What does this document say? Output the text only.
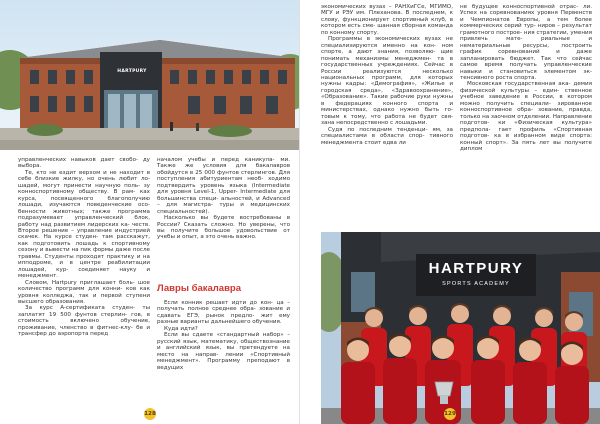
HARTPURY

управленческих навыков дает свобо- ду выбора.

Те, кто не ездит верхом и не находит в себе близкие жилку, но очень любит ло- шадей, могут принести научную поль- зу конноспортивному обществу. В рам- ках курса, посвященного благополучию лошади, изучаются поведенческие осо- бенности животных; также программа подразумевает управленческий блок, работу над развитием лидерских ка- честв. Второе решение – управление индустрией скачек. На курсе студен- там расскажут, как подготовить лошадь к спортивному сезону и вывести на пик формы даже после травмы. Студенты проходят практику и на ипподроме, и в центре реабилитации лошадей, кур- соединяет науку и менеджмент.

Словом, Hartpury приглашает боль- шое количество программ для конни- ков как уровня колледжа, так и первой ступени высшего образования.

За курс A-сертификата студен- ты заплатят 19 500 фунтов стерлин- гов, в стоимость включено обучение, проживание, членство в фитнес-клу- бе и трансфер до аэропорта перед

началом учебы и перед каникула- ми. Также же условия для бакалавров обойдутся в 25 000 фунтов стерлингов. Для поступления абитуриентам необ- ходимо подтвердить уровень языка (Intermediate для уровня Level-1, Upper- Intermediate для большинства специ- альностей, и Advanced – для магистра- туры и медицинских специальностей).

Насколько вы будете востребованы в России? Сказать сложно. Но уверены, что вы получите большое удовольствие от учебы и опыт, а это очень важно.

Лавры бакалавра

Если конник решает идти до кон- ца – получать полное среднее обра- зование и сдавать ЕГЭ, рынок предло- жит ему разные варианты дальнейшего обучения.

Куда идти?

Если вы сдаете «стандартный набор» – русский язык, математику, обществознание и английский язык, вы претендуете на место на направ- лении «Спортивный менеджмент». Программу преподают в ведущих

128

экономических вузах – РАНХиГСе, МГИМО, МГУ и РЭУ им. Плеханова. В последнем, к слову, функционирует спортивный клуб, в котором есть сме- шанная сборная команда по конному спорту.

Программы в экономических вузах не специализируются именно на кон- ном спорте, а дают знания, позволяю- щие понимать механизмы менеджмен- та в государственных учреждениях. Сейчас в России реализуются несколько национальных программ, для которых нужны кадры: «Демография», «Жилье и городская среда», «Здравоохранение», «Образование». Такие рабочие руки нужны в федерациях конного спорта и министерствах, однако нужно быть го- товым к тому, что работа не будет свя- зана непосредственно с лошадьми.

Судя по последним тенденци- ям, за специалистами в области спор- тивного менеджмента стоит едва ли

не будущее конноспортивной отрас- ли. Успех на соревнованиях уровня Первенств и Чемпионатов Европы, а тем более коммерческих серий тур- ниров – результат грамотного построе- ния стратегии, умения привлечь мате- риальные и нематериальные ресурсы, построить график соревнований и даже запланировать бюджет. Так что сейчас самое время получать управленческие навыки и становиться элементом эк- тенсивного роста спорта.

Московская государственная ака- демия физической культуры – един- ственное учебное заведение в России, в котором можно получить специали- зированное конноспортивное обра- зование, правда, только на заочном отделении. Направление подготов- ки «Физическая культура» предпола- гает профиль «Спортивная подготов- ка в избранном виде спорта: конный спорт». За пять лет вы получите диплом

HARTPURY
SPORTS ACADEMY
129
